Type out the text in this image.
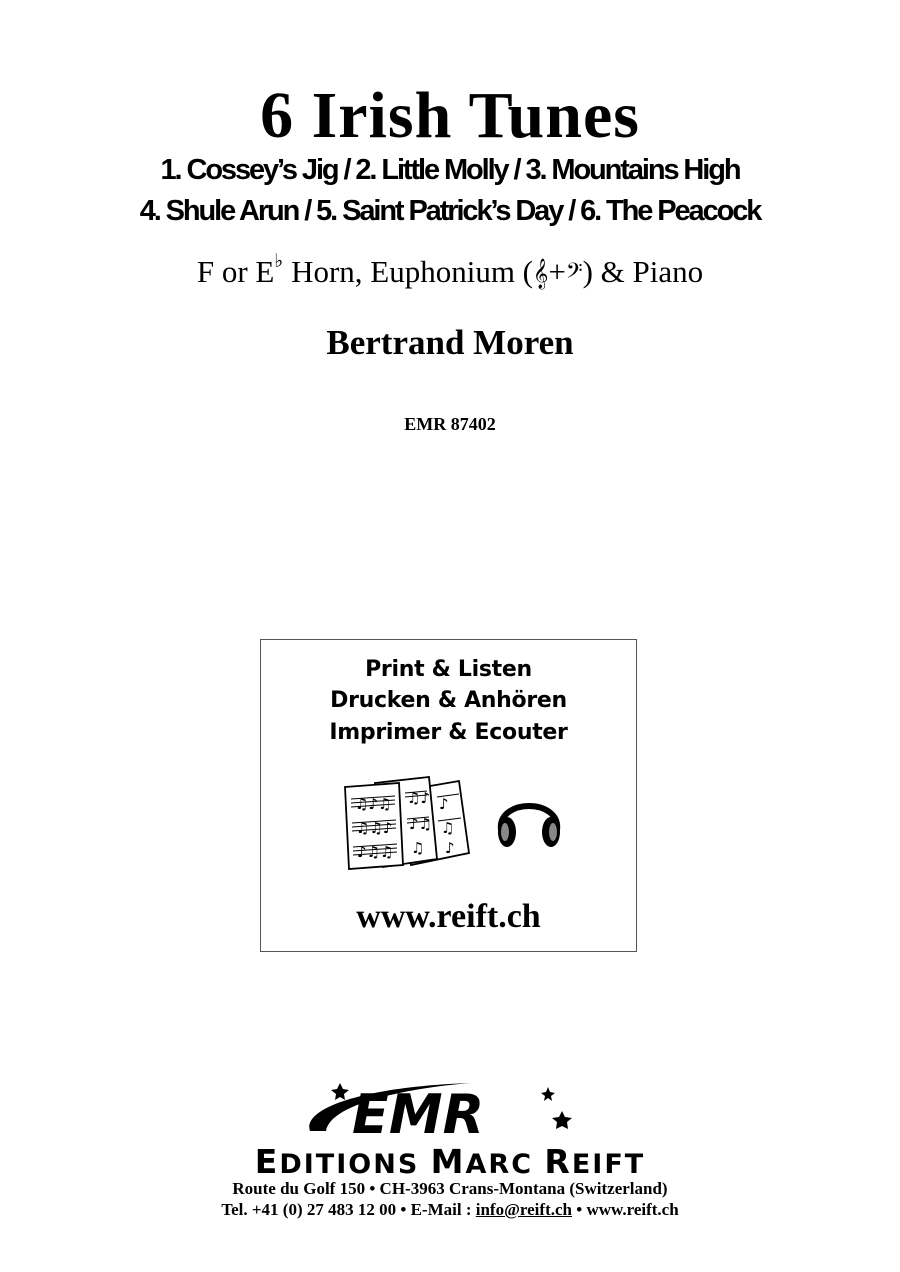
6 Irish Tunes
1. Cossey’s Jig / 2. Little Molly / 3. Mountains High
4. Shule Arun / 5. Saint Patrick’s Day / 6. The Peacock
F or E♭ Horn, Euphonium (𝄞+𝄢) & Piano
Bertrand Moren
EMR 87402
Print & Listen
Drucken & Anhören
Imprimer & Ecouter
♫♪♫
♫♫♪
♪♫♫
♫♪
♪♫
♫
♪
♫
♪
www.reift.ch
EMR
EDITIONS MARC REIFT
Route du Golf 150 • CH-3963 Crans-Montana (Switzerland)
Tel. +41 (0) 27 483 12 00 • E-Mail : info@reift.ch • www.reift.ch
